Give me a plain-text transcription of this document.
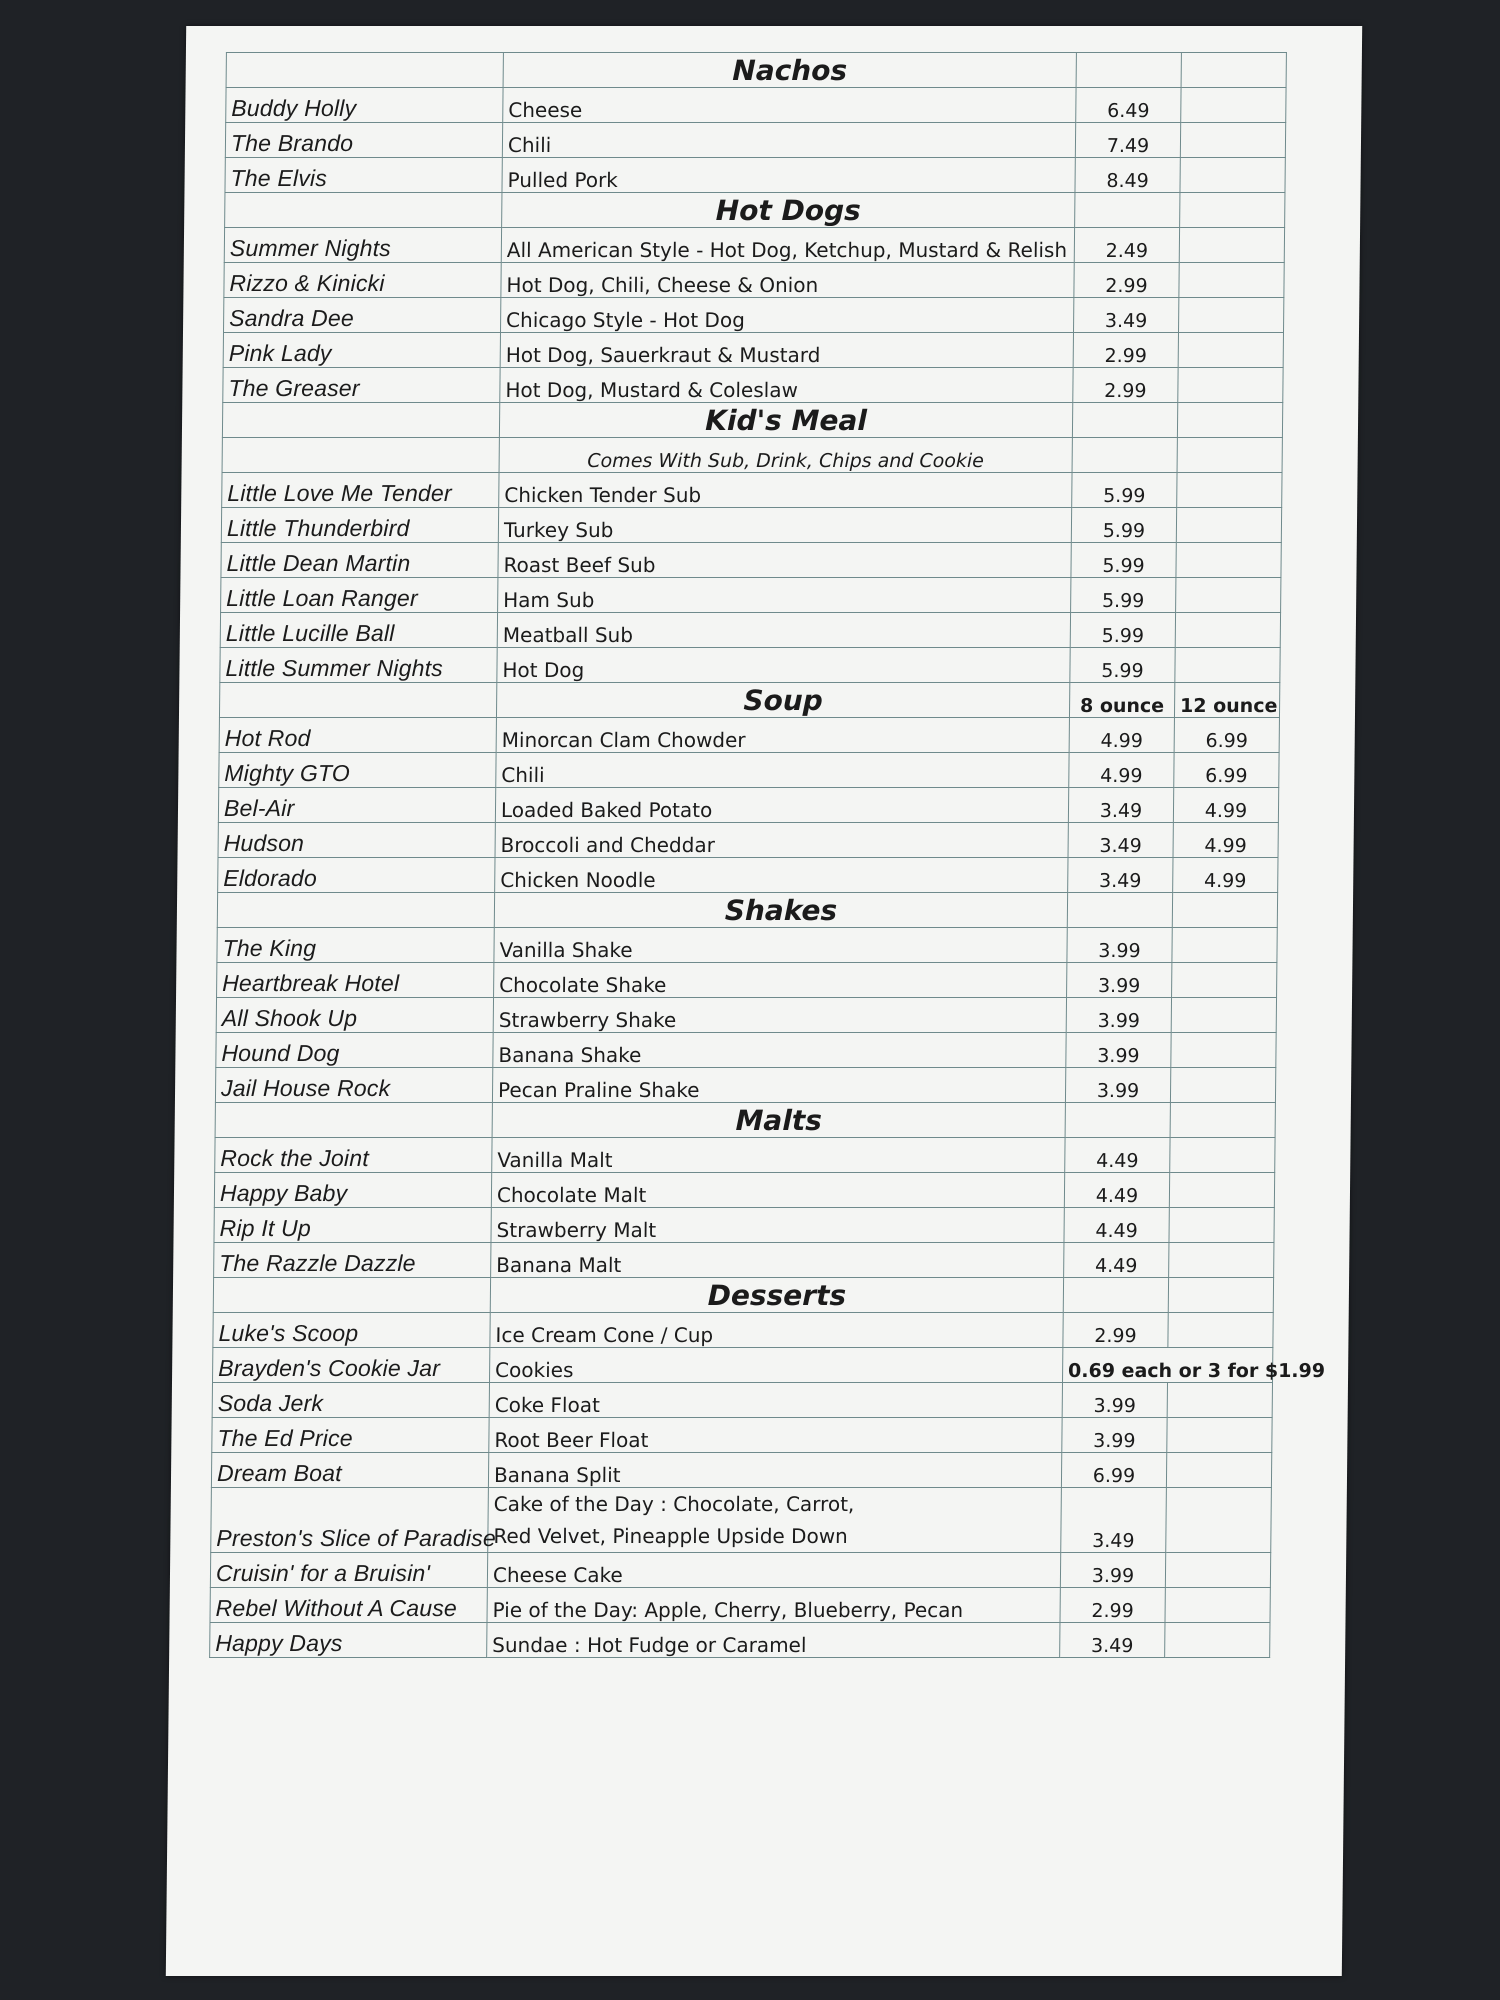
	Nachos		
Buddy Holly	Cheese	6.49	
The Brando	Chili	7.49	
The Elvis	Pulled Pork	8.49	
	Hot Dogs		
Summer Nights	All American Style - Hot Dog, Ketchup, Mustard & Relish	2.49	
Rizzo & Kinicki	Hot Dog, Chili, Cheese & Onion	2.99	
Sandra Dee	Chicago Style - Hot Dog	3.49	
Pink Lady	Hot Dog, Sauerkraut & Mustard	2.99	
The Greaser	Hot Dog, Mustard & Coleslaw	2.99	
	Kid's Meal		
	Comes With Sub, Drink, Chips and Cookie		
Little Love Me Tender	Chicken Tender Sub	5.99	
Little Thunderbird	Turkey Sub	5.99	
Little Dean Martin	Roast Beef Sub	5.99	
Little Loan Ranger	Ham Sub	5.99	
Little Lucille Ball	Meatball Sub	5.99	
Little Summer Nights	Hot Dog	5.99	
	Soup	8 ounce	12 ounce
Hot Rod	Minorcan Clam Chowder	4.99	6.99
Mighty GTO	Chili	4.99	6.99
Bel-Air	Loaded Baked Potato	3.49	4.99
Hudson	Broccoli and Cheddar	3.49	4.99
Eldorado	Chicken Noodle	3.49	4.99
	Shakes		
The King	Vanilla Shake	3.99	
Heartbreak Hotel	Chocolate Shake	3.99	
All Shook Up	Strawberry Shake	3.99	
Hound Dog	Banana Shake	3.99	
Jail House Rock	Pecan Praline Shake	3.99	
	Malts		
Rock the Joint	Vanilla Malt	4.49	
Happy Baby	Chocolate Malt	4.49	
Rip It Up	Strawberry Malt	4.49	
The Razzle Dazzle	Banana Malt	4.49	
	Desserts		
Luke's Scoop	Ice Cream Cone / Cup	2.99	
Brayden's Cookie Jar	Cookies	0.69 each or 3 for $1.99	
Soda Jerk	Coke Float	3.99	
The Ed Price	Root Beer Float	3.99	
Dream Boat	Banana Split	6.99	
Preston's Slice of Paradise	Cake of the Day : Chocolate, Carrot,
Red Velvet, Pineapple Upside Down	3.49	
Cruisin' for a Bruisin'	Cheese Cake	3.99	
Rebel Without A Cause	Pie of the Day: Apple, Cherry, Blueberry, Pecan	2.99	
Happy Days	Sundae : Hot Fudge or Caramel	3.49	
